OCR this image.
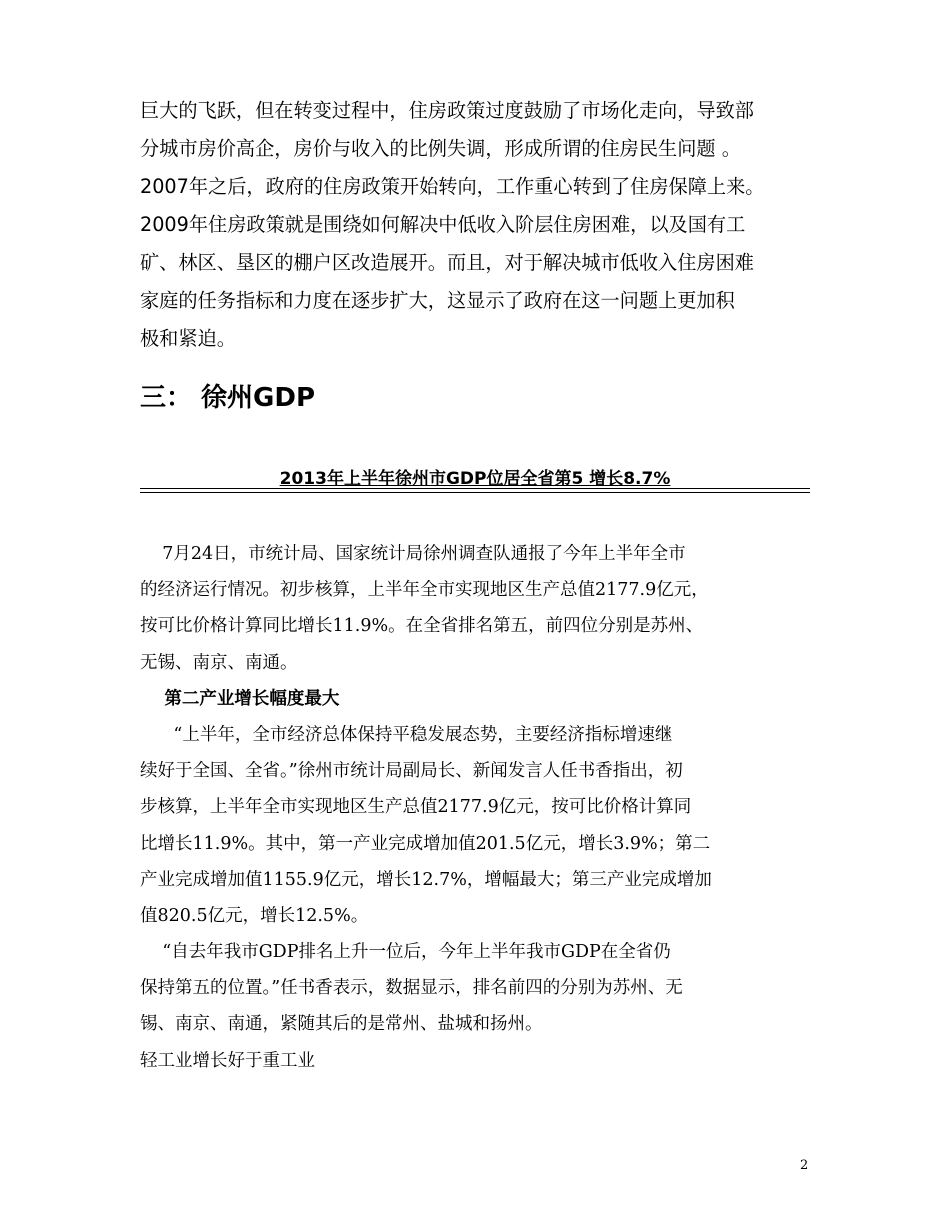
巨大的飞跃，但在转变过程中，住房政策过度鼓励了市场化走向，导致部
分城市房价高企，房价与收入的比例失调，形成所谓的住房民生问题 。
2007年之后，政府的住房政策开始转向，工作重心转到了住房保障上来。
2009年住房政策就是围绕如何解决中低收入阶层住房困难，以及国有工
矿、林区、垦区的棚户区改造展开。而且，对于解决城市低收入住房困难
家庭的任务指标和力度在逐步扩大，这显示了政府在这一问题上更加积
极和紧迫。
三： 徐州GDP
2013年上半年徐州市GDP位居全省第5 增长8.7%
7月24日，市统计局、国家统计局徐州调查队通报了今年上半年全市
的经济运行情况。初步核算，上半年全市实现地区生产总值2177.9亿元，
按可比价格计算同比增长11.9%。在全省排名第五，前四位分别是苏州、
无锡、南京、南通。
第二产业增长幅度最大
“上半年，全市经济总体保持平稳发展态势，主要经济指标增速继
续好于全国、全省。”徐州市统计局副局长、新闻发言人任书香指出，初
步核算，上半年全市实现地区生产总值2177.9亿元，按可比价格计算同
比增长11.9%。其中，第一产业完成增加值201.5亿元，增长3.9%；第二
产业完成增加值1155.9亿元，增长12.7%，增幅最大；第三产业完成增加
值820.5亿元，增长12.5%。
“自去年我市GDP排名上升一位后，今年上半年我市GDP在全省仍
保持第五的位置。”任书香表示，数据显示，排名前四的分别为苏州、无
锡、南京、南通，紧随其后的是常州、盐城和扬州。
轻工业增长好于重工业
2
